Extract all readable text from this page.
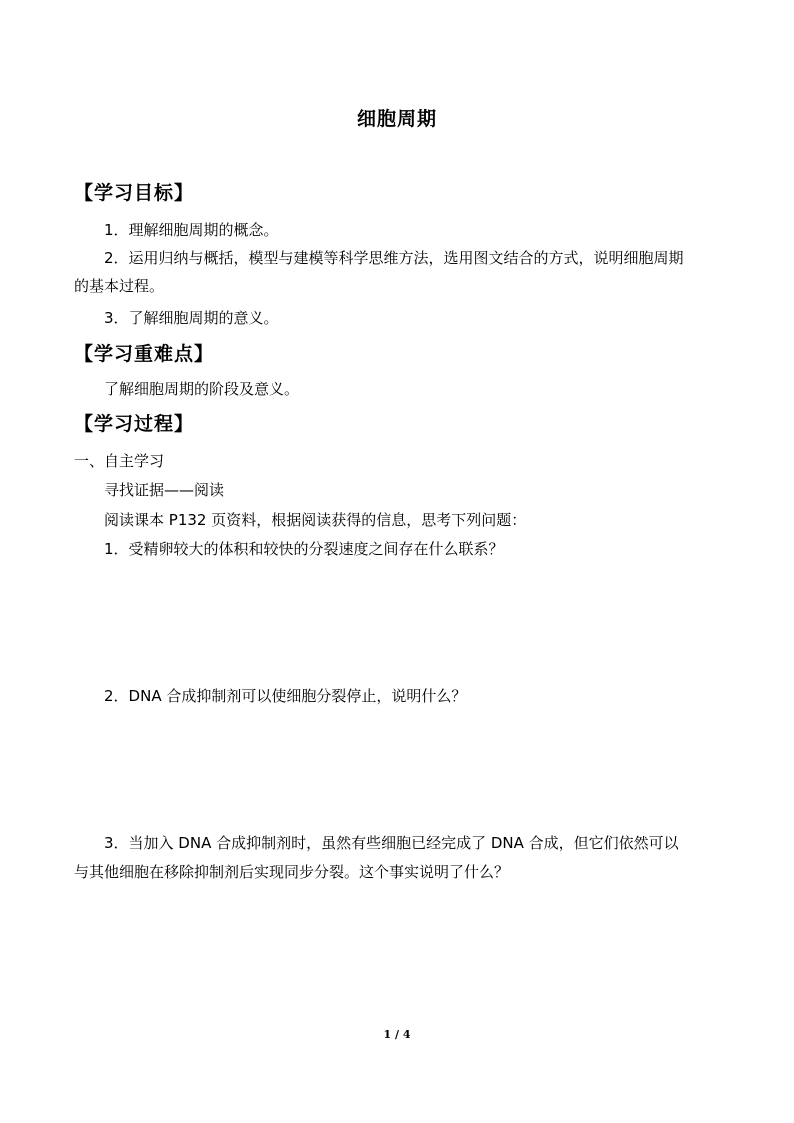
细胞周期
【学习目标】
1．理解细胞周期的概念。
2．运用归纳与概括，模型与建模等科学思维方法，选用图文结合的方式，说明细胞周期
的基本过程。
3．了解细胞周期的意义。
【学习重难点】
了解细胞周期的阶段及意义。
【学习过程】
一、自主学习
寻找证据——阅读
阅读课本 P132 页资料，根据阅读获得的信息，思考下列问题：
1．受精卵较大的体积和较快的分裂速度之间存在什么联系？
2．DNA 合成抑制剂可以使细胞分裂停止，说明什么？
3．当加入 DNA 合成抑制剂时，虽然有些细胞已经完成了 DNA 合成，但它们依然可以
与其他细胞在移除抑制剂后实现同步分裂。这个事实说明了什么？
1 / 4
